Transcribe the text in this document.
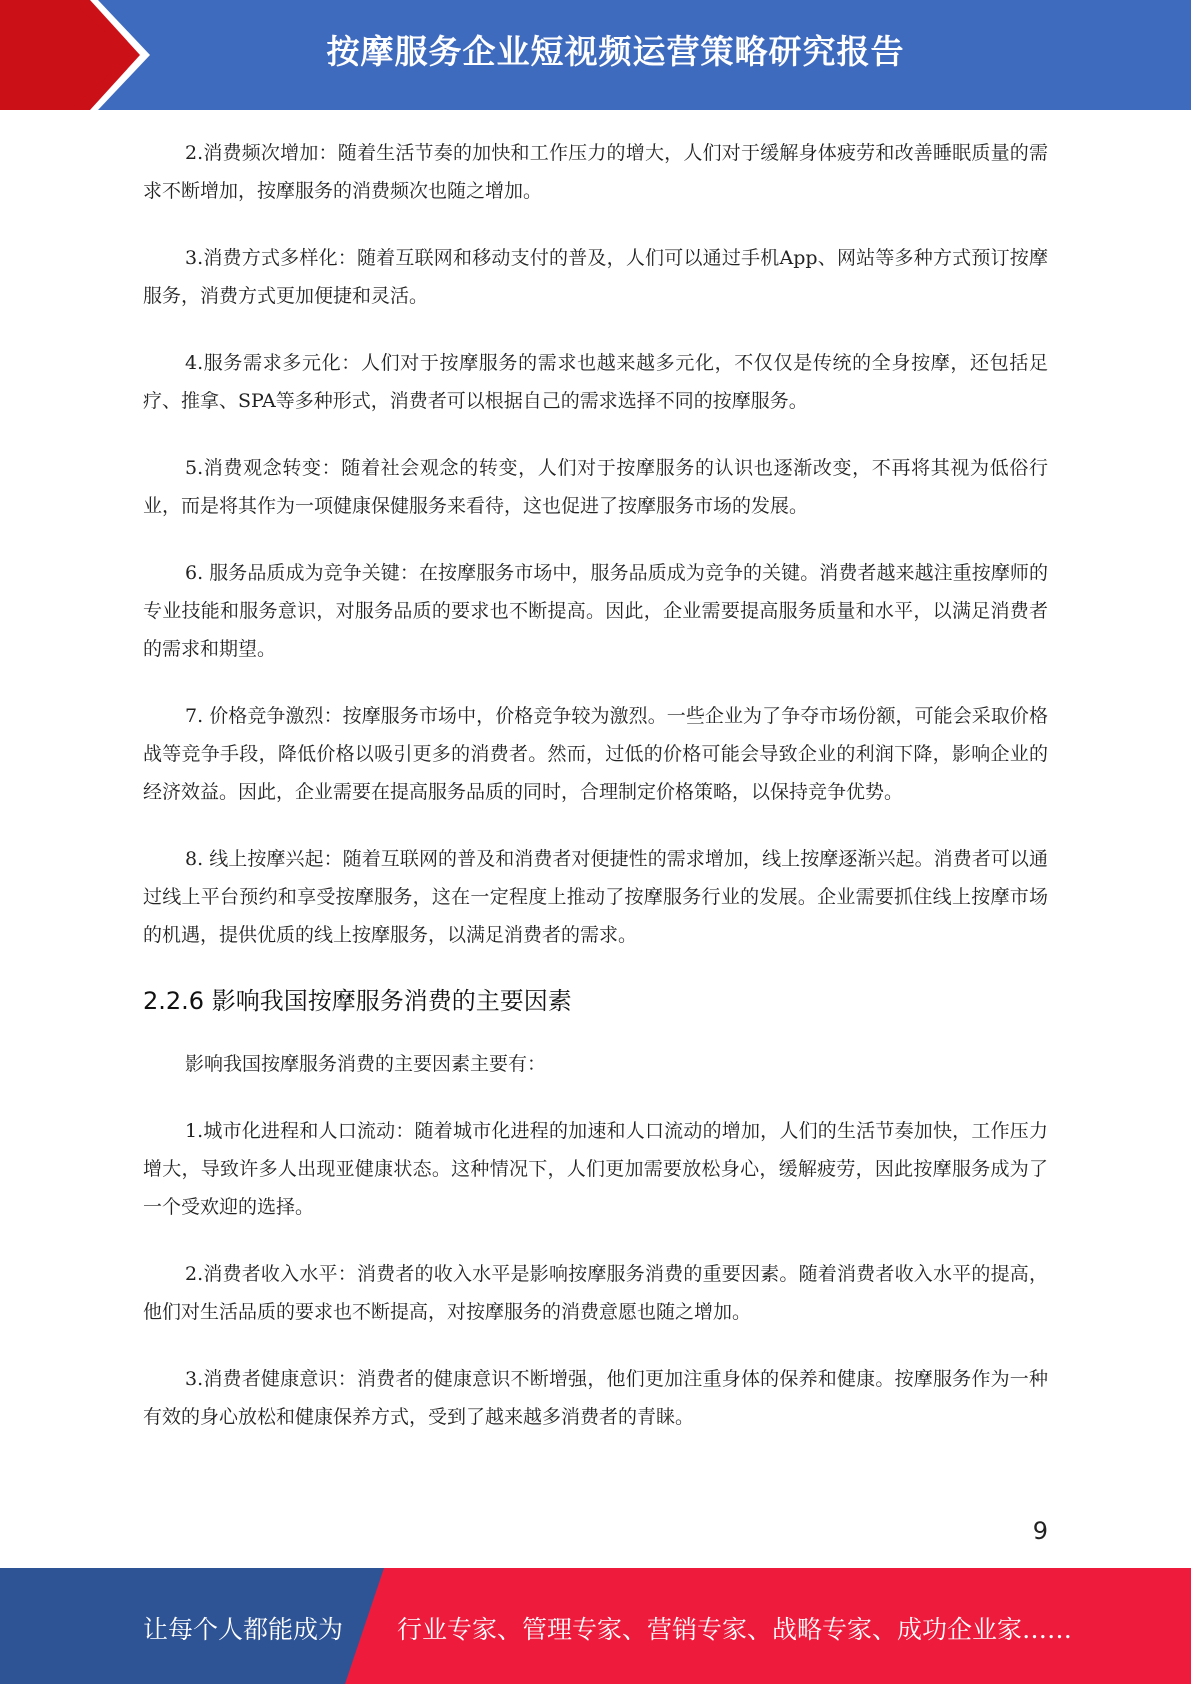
按摩服务企业短视频运营策略研究报告

2.消费频次增加：随着生活节奏的加快和工作压力的增大，人们对于缓解身体疲劳和改善睡眠质量的需求不断增加，按摩服务的消费频次也随之增加。

3.消费方式多样化：随着互联网和移动支付的普及，人们可以通过手机App、网站等多种方式预订按摩服务，消费方式更加便捷和灵活。

4.服务需求多元化：人们对于按摩服务的需求也越来越多元化，不仅仅是传统的全身按摩，还包括足疗、推拿、SPA等多种形式，消费者可以根据自己的需求选择不同的按摩服务。

5.消费观念转变：随着社会观念的转变，人们对于按摩服务的认识也逐渐改变，不再将其视为低俗行业，而是将其作为一项健康保健服务来看待，这也促进了按摩服务市场的发展。

6. 服务品质成为竞争关键：在按摩服务市场中，服务品质成为竞争的关键。消费者越来越注重按摩师的专业技能和服务意识，对服务品质的要求也不断提高。因此，企业需要提高服务质量和水平，以满足消费者的需求和期望。

7. 价格竞争激烈：按摩服务市场中，价格竞争较为激烈。一些企业为了争夺市场份额，可能会采取价格战等竞争手段，降低价格以吸引更多的消费者。然而，过低的价格可能会导致企业的利润下降，影响企业的经济效益。因此，企业需要在提高服务品质的同时，合理制定价格策略，以保持竞争优势。

8. 线上按摩兴起：随着互联网的普及和消费者对便捷性的需求增加，线上按摩逐渐兴起。消费者可以通过线上平台预约和享受按摩服务，这在一定程度上推动了按摩服务行业的发展。企业需要抓住线上按摩市场的机遇，提供优质的线上按摩服务，以满足消费者的需求。

2.2.6 影响我国按摩服务消费的主要因素

影响我国按摩服务消费的主要因素主要有：

1.城市化进程和人口流动：随着城市化进程的加速和人口流动的增加，人们的生活节奏加快，工作压力增大，导致许多人出现亚健康状态。这种情况下，人们更加需要放松身心，缓解疲劳，因此按摩服务成为了一个受欢迎的选择。

2.消费者收入水平：消费者的收入水平是影响按摩服务消费的重要因素。随着消费者收入水平的提高，他们对生活品质的要求也不断提高，对按摩服务的消费意愿也随之增加。

3.消费者健康意识：消费者的健康意识不断增强，他们更加注重身体的保养和健康。按摩服务作为一种有效的身心放松和健康保养方式，受到了越来越多消费者的青睐。

9
让每个人都能成为 行业专家、管理专家、营销专家、战略专家、成功企业家……
